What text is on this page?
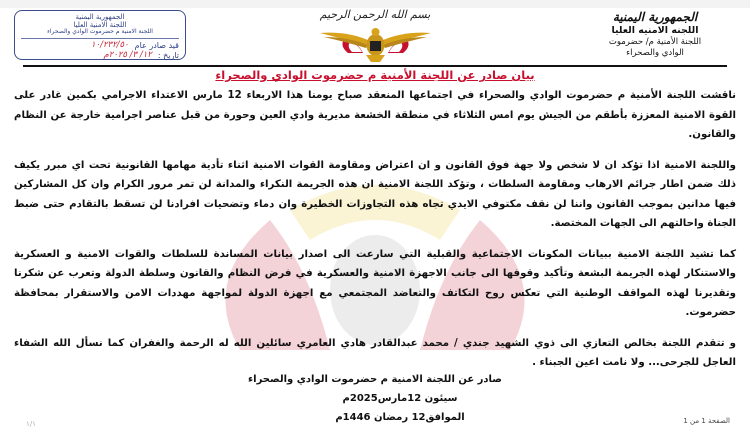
الجمهورية اليمنية
اللجنه الامنيه العليا
اللجنة الأمنية م/ حضرموت
الوادي والصحراء
الجمهورية اليمنية
اللجنة الامنية العليا
اللجنة الامنية م حضرموت الوادي والصحراء
قيد صادر عام
١٠/٢٣٢/٥٠
تاريخ :
١٢/ ٣/ ٢٠٢٥م
بسم الله الرحمن الرحيم
بيان صادر عن اللجنة الأمنية م حضرموت الوادي والصحراء

ناقشت اللجنة الأمنية م حضرموت الوادي والصحراء في اجتماعها المنعقد صباح يومنا هذا الاربعاء 12 مارس الاعتداء الاجرامي بكمين غادر على القوة الامنية المعززة بأطقم من الجيش يوم امس الثلاثاء في منطقة الخشعة مديرية وادي العين وحورة من قبل عناصر اجرامية خارجة عن النظام والقانون.

واللجنة الامنية اذا تؤكد ان لا شخص ولا جهة فوق القانون و ان اعتراض ومقاومة القوات الامنية اثناء تأدية مهامها القانونية تحت اي مبرر يكيف ذلك ضمن اطار جرائم الارهاب ومقاومة السلطات ، وتؤكد اللجنة الامنية ان هذه الجريمة النكراء والمدانة لن تمر مرور الكرام وان كل المشاركين فيها مدانين بموجب القانون واننا لن نقف مكتوفي الايدي تجاه هذه التجاوزات الخطيرة وان دماء وتضحيات افرادنا لن تسقط بالتقادم حتى ضبط الجناة واحالتهم الى الجهات المختصة.

كما تشيد اللجنة الامنية ببيانات المكونات الاجتماعية والقبلية التي سارعت الى اصدار بيانات المساندة للسلطات والقوات الامنية و العسكرية والاستنكار لهذه الجريمة البشعة وتأكيد وقوفها الى جانب الاجهزة الامنية والعسكرية في فرض النظام والقانون وسلطة الدولة وتعرب عن شكرنا وتقديرنا لهذه المواقف الوطنية التي تعكس روح التكاتف والتعاضد المجتمعي مع اجهزة الدولة لمواجهة مهددات الامن والاستقرار بمحافظة حضرموت.

و تتقدم اللجنة بخالص التعازي الى ذوي الشهيد جندي / محمد عبدالقادر هادي العامري سائلين الله له الرحمة والغفران كما نسأل الله الشفاء العاجل للجرحى... ولا نامت اعين الجبناء .

صادر عن اللجنة الامنية م حضرموت الوادي والصحراء
سيئون 12مارس2025م
الموافق12 رمضان 1446م	الصفحة 1 من 1
١/١
